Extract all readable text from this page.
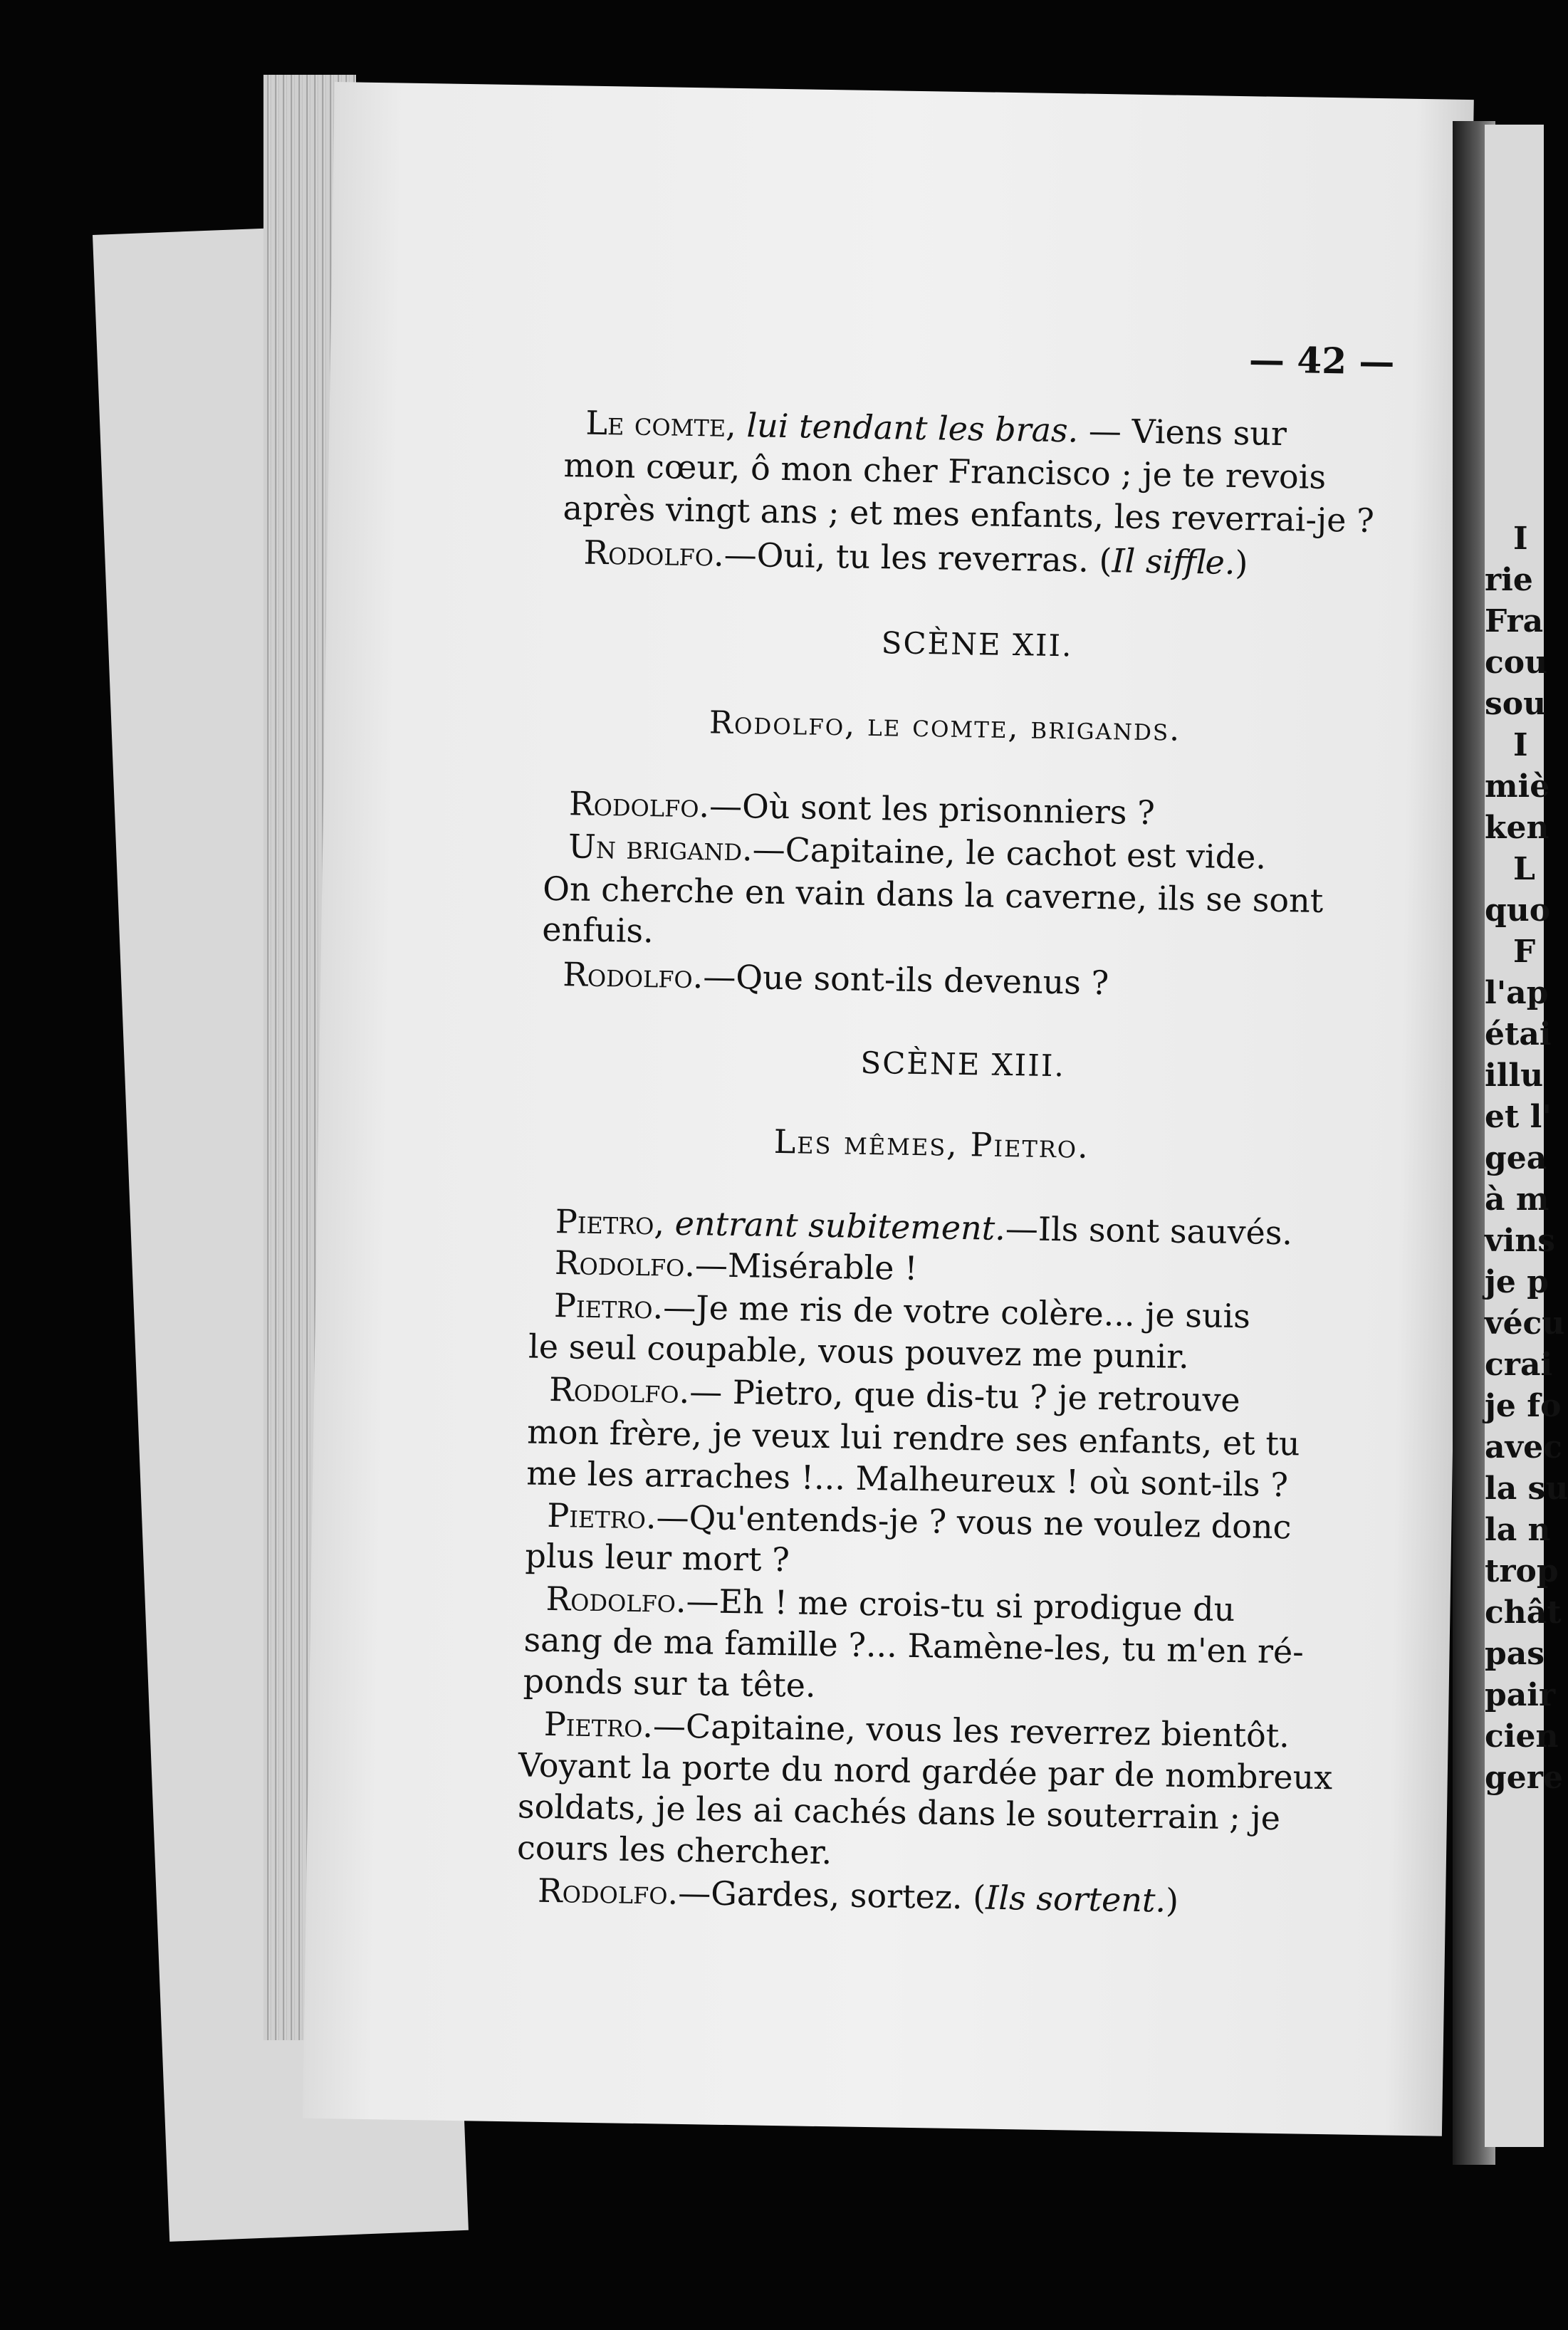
— 42 —
Le comte, lui tendant les bras. — Viens sur
mon cœur, ô mon cher Francisco ; je te revois
après vingt ans ; et mes enfants, les reverrai-je ?
Rodolfo.—Oui, tu les reverras. (Il siffle.)
SCÈNE XII.
Rodolfo, le comte, brigands.
Rodolfo.—Où sont les prisonniers ?
Un brigand.—Capitaine, le cachot est vide.
On cherche en vain dans la caverne, ils se sont
enfuis.
Rodolfo.—Que sont-ils devenus ?
SCÈNE XIII.
Les mêmes, Pietro.
Pietro, entrant subitement.—Ils sont sauvés.
Rodolfo.—Misérable !
Pietro.—Je me ris de votre colère... je suis
le seul coupable, vous pouvez me punir.
Rodolfo.— Pietro, que dis-tu ? je retrouve
mon frère, je veux lui rendre ses enfants, et tu
me les arraches !... Malheureux ! où sont-ils ?
Pietro.—Qu'entends-je ? vous ne voulez donc
plus leur mort ?
Rodolfo.—Eh ! me crois-tu si prodigue du
sang de ma famille ?... Ramène-les, tu m'en ré-
ponds sur ta tête.
Pietro.—Capitaine, vous les reverrez bientôt.
Voyant la porte du nord gardée par de nombreux
soldats, je les ai cachés dans le souterrain ; je
cours les chercher.
Rodolfo.—Gardes, sortez. (Ils sortent.)
I
rie
Fra
cou
sou
I
miè
ken
L
quo
F
l'ap
étai
illu
et l'
gea
à m
vins
je p
vécu
crai
je fo
avec
la su
la n
trop
chât
pas
pair
cien
gere
